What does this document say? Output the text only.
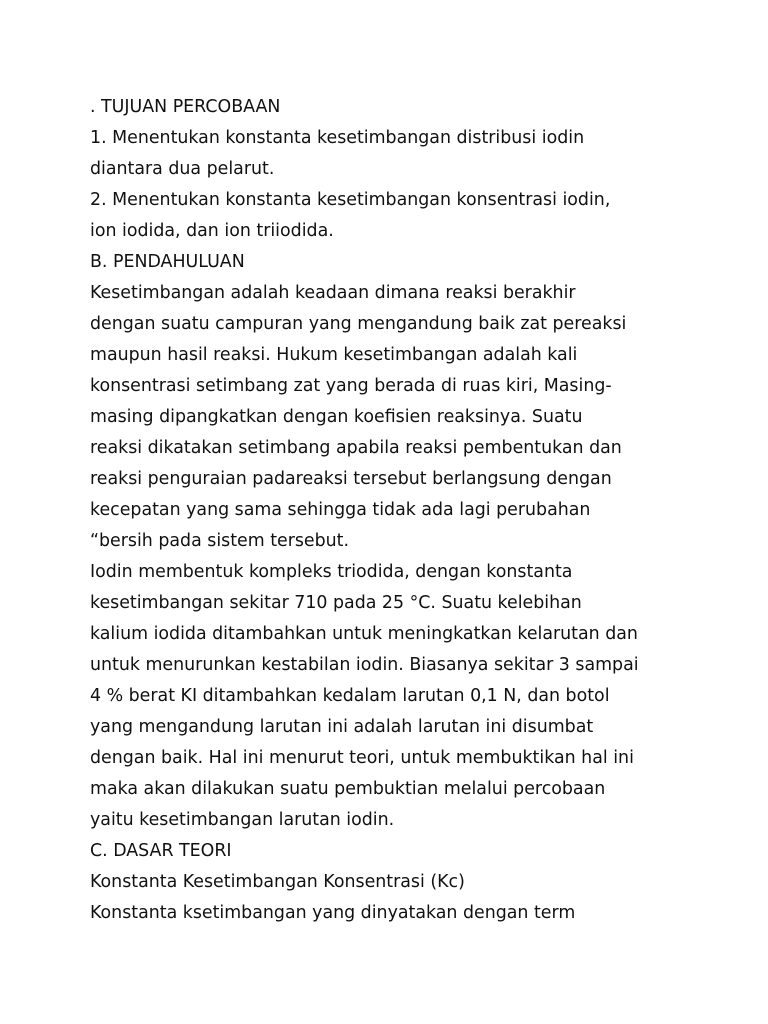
. TUJUAN PERCOBAAN
1. Menentukan konstanta kesetimbangan distribusi iodin
diantara dua pelarut.
2. Menentukan konstanta kesetimbangan konsentrasi iodin,
ion iodida, dan ion triiodida.
B. PENDAHULUAN
Kesetimbangan adalah keadaan dimana reaksi berakhir
dengan suatu campuran yang mengandung baik zat pereaksi
maupun hasil reaksi. Hukum kesetimbangan adalah kali
konsentrasi setimbang zat yang berada di ruas kiri, Masing-
masing dipangkatkan dengan koefisien reaksinya. Suatu
reaksi dikatakan setimbang apabila reaksi pembentukan dan
reaksi penguraian padareaksi tersebut berlangsung dengan
kecepatan yang sama sehingga tidak ada lagi perubahan
“bersih pada sistem tersebut.
Iodin membentuk kompleks triodida, dengan konstanta
kesetimbangan sekitar 710 pada 25 °C. Suatu kelebihan
kalium iodida ditambahkan untuk meningkatkan kelarutan dan
untuk menurunkan kestabilan iodin. Biasanya sekitar 3 sampai
4 % berat KI ditambahkan kedalam larutan 0,1 N, dan botol
yang mengandung larutan ini adalah larutan ini disumbat
dengan baik. Hal ini menurut teori, untuk membuktikan hal ini
maka akan dilakukan suatu pembuktian melalui percobaan
yaitu kesetimbangan larutan iodin.
C. DASAR TEORI
Konstanta Kesetimbangan Konsentrasi (Kc)
Konstanta ksetimbangan yang dinyatakan dengan term
